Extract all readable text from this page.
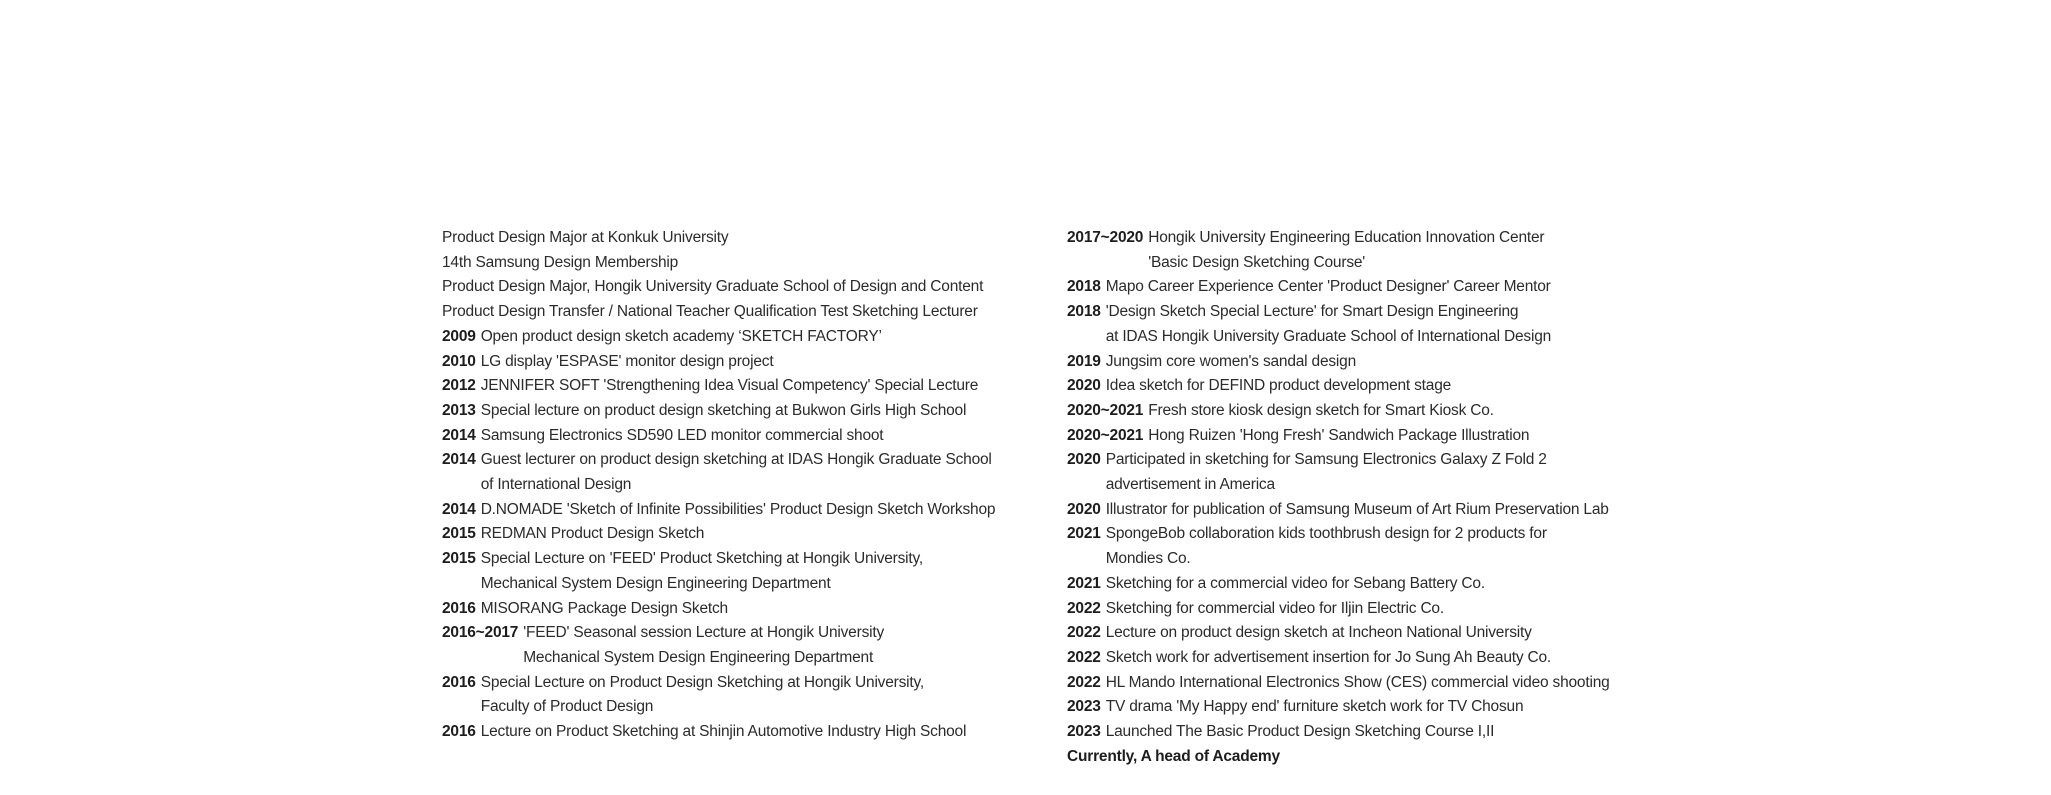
Product Design Major at Konkuk University
14th Samsung Design Membership
Product Design Major, Hongik University Graduate School of Design and Content
Product Design Transfer / National Teacher Qualification Test Sketching Lecturer
2009 Open product design sketch academy ‘SKETCH FACTORY’
2010 LG display 'ESPASE' monitor design project
2012 JENNIFER SOFT 'Strengthening Idea Visual Competency' Special Lecture
2013 Special lecture on product design sketching at Bukwon Girls High School
2014 Samsung Electronics SD590 LED monitor commercial shoot
2014 Guest lecturer on product design sketching at IDAS Hongik Graduate School
of International Design
2014 D.NOMADE 'Sketch of Infinite Possibilities' Product Design Sketch Workshop
2015 REDMAN Product Design Sketch
2015 Special Lecture on 'FEED' Product Sketching at Hongik University,
Mechanical System Design Engineering Department
2016 MISORANG Package Design Sketch
2016~2017 'FEED' Seasonal session Lecture at Hongik University
Mechanical System Design Engineering Department
2016 Special Lecture on Product Design Sketching at Hongik University,
Faculty of Product Design
2016 Lecture on Product Sketching at Shinjin Automotive Industry High School
2017~2020 Hongik University Engineering Education Innovation Center
'Basic Design Sketching Course'
2018 Mapo Career Experience Center 'Product Designer' Career Mentor
2018 'Design Sketch Special Lecture' for Smart Design Engineering
at IDAS Hongik University Graduate School of International Design
2019 Jungsim core women's sandal design
2020 Idea sketch for DEFIND product development stage
2020~2021 Fresh store kiosk design sketch for Smart Kiosk Co.
2020~2021 Hong Ruizen 'Hong Fresh' Sandwich Package Illustration
2020 Participated in sketching for Samsung Electronics Galaxy Z Fold 2
advertisement in America
2020 Illustrator for publication of Samsung Museum of Art Rium Preservation Lab
2021 SpongeBob collaboration kids toothbrush design for 2 products for
Mondies Co.
2021 Sketching for a commercial video for Sebang Battery Co.
2022 Sketching for commercial video for Iljin Electric Co.
2022 Lecture on product design sketch at Incheon National University
2022 Sketch work for advertisement insertion for Jo Sung Ah Beauty Co.
2022 HL Mando International Electronics Show (CES) commercial video shooting
2023 TV drama 'My Happy end' furniture sketch work for TV Chosun
2023 Launched The Basic Product Design Sketching Course I,II
Currently, A head of Academy
